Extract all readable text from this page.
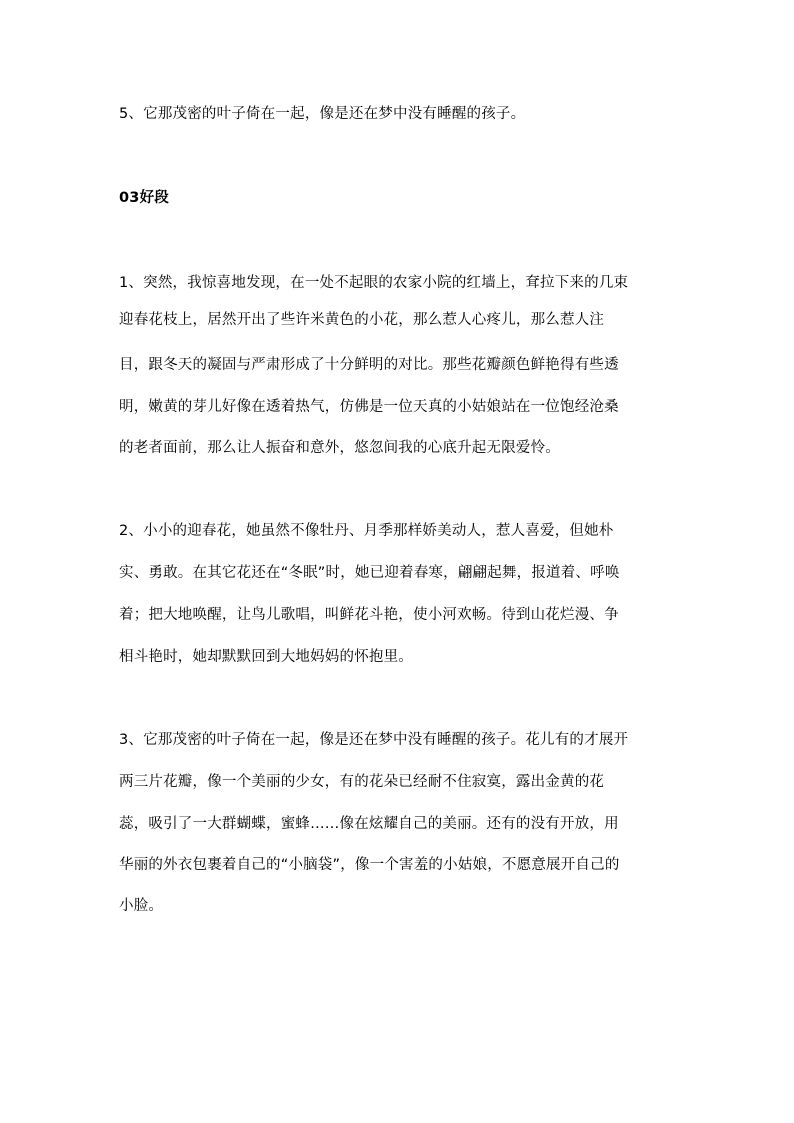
5、它那茂密的叶子倚在一起，像是还在梦中没有睡醒的孩子。
03好段
1、突然，我惊喜地发现，在一处不起眼的农家小院的红墙上，耷拉下来的几束
迎春花枝上，居然开出了些许米黄色的小花，那么惹人心疼儿，那么惹人注
目，跟冬天的凝固与严肃形成了十分鲜明的对比。那些花瓣颜色鲜艳得有些透
明，嫩黄的芽儿好像在透着热气，仿佛是一位天真的小姑娘站在一位饱经沧桑
的老者面前，那么让人振奋和意外，悠忽间我的心底升起无限爱怜。
2、小小的迎春花，她虽然不像牡丹、月季那样娇美动人，惹人喜爱，但她朴
实、勇敢。在其它花还在“冬眠”时，她已迎着春寒，翩翩起舞，报道着、呼唤
着；把大地唤醒，让鸟儿歌唱，叫鲜花斗艳，使小河欢畅。待到山花烂漫、争
相斗艳时，她却默默回到大地妈妈的怀抱里。
3、它那茂密的叶子倚在一起，像是还在梦中没有睡醒的孩子。花儿有的才展开
两三片花瓣，像一个美丽的少女，有的花朵已经耐不住寂寞，露出金黄的花
蕊，吸引了一大群蝴蝶，蜜蜂……像在炫耀自己的美丽。还有的没有开放，用
华丽的外衣包裹着自己的“小脑袋”，像一个害羞的小姑娘，不愿意展开自己的
小脸。
